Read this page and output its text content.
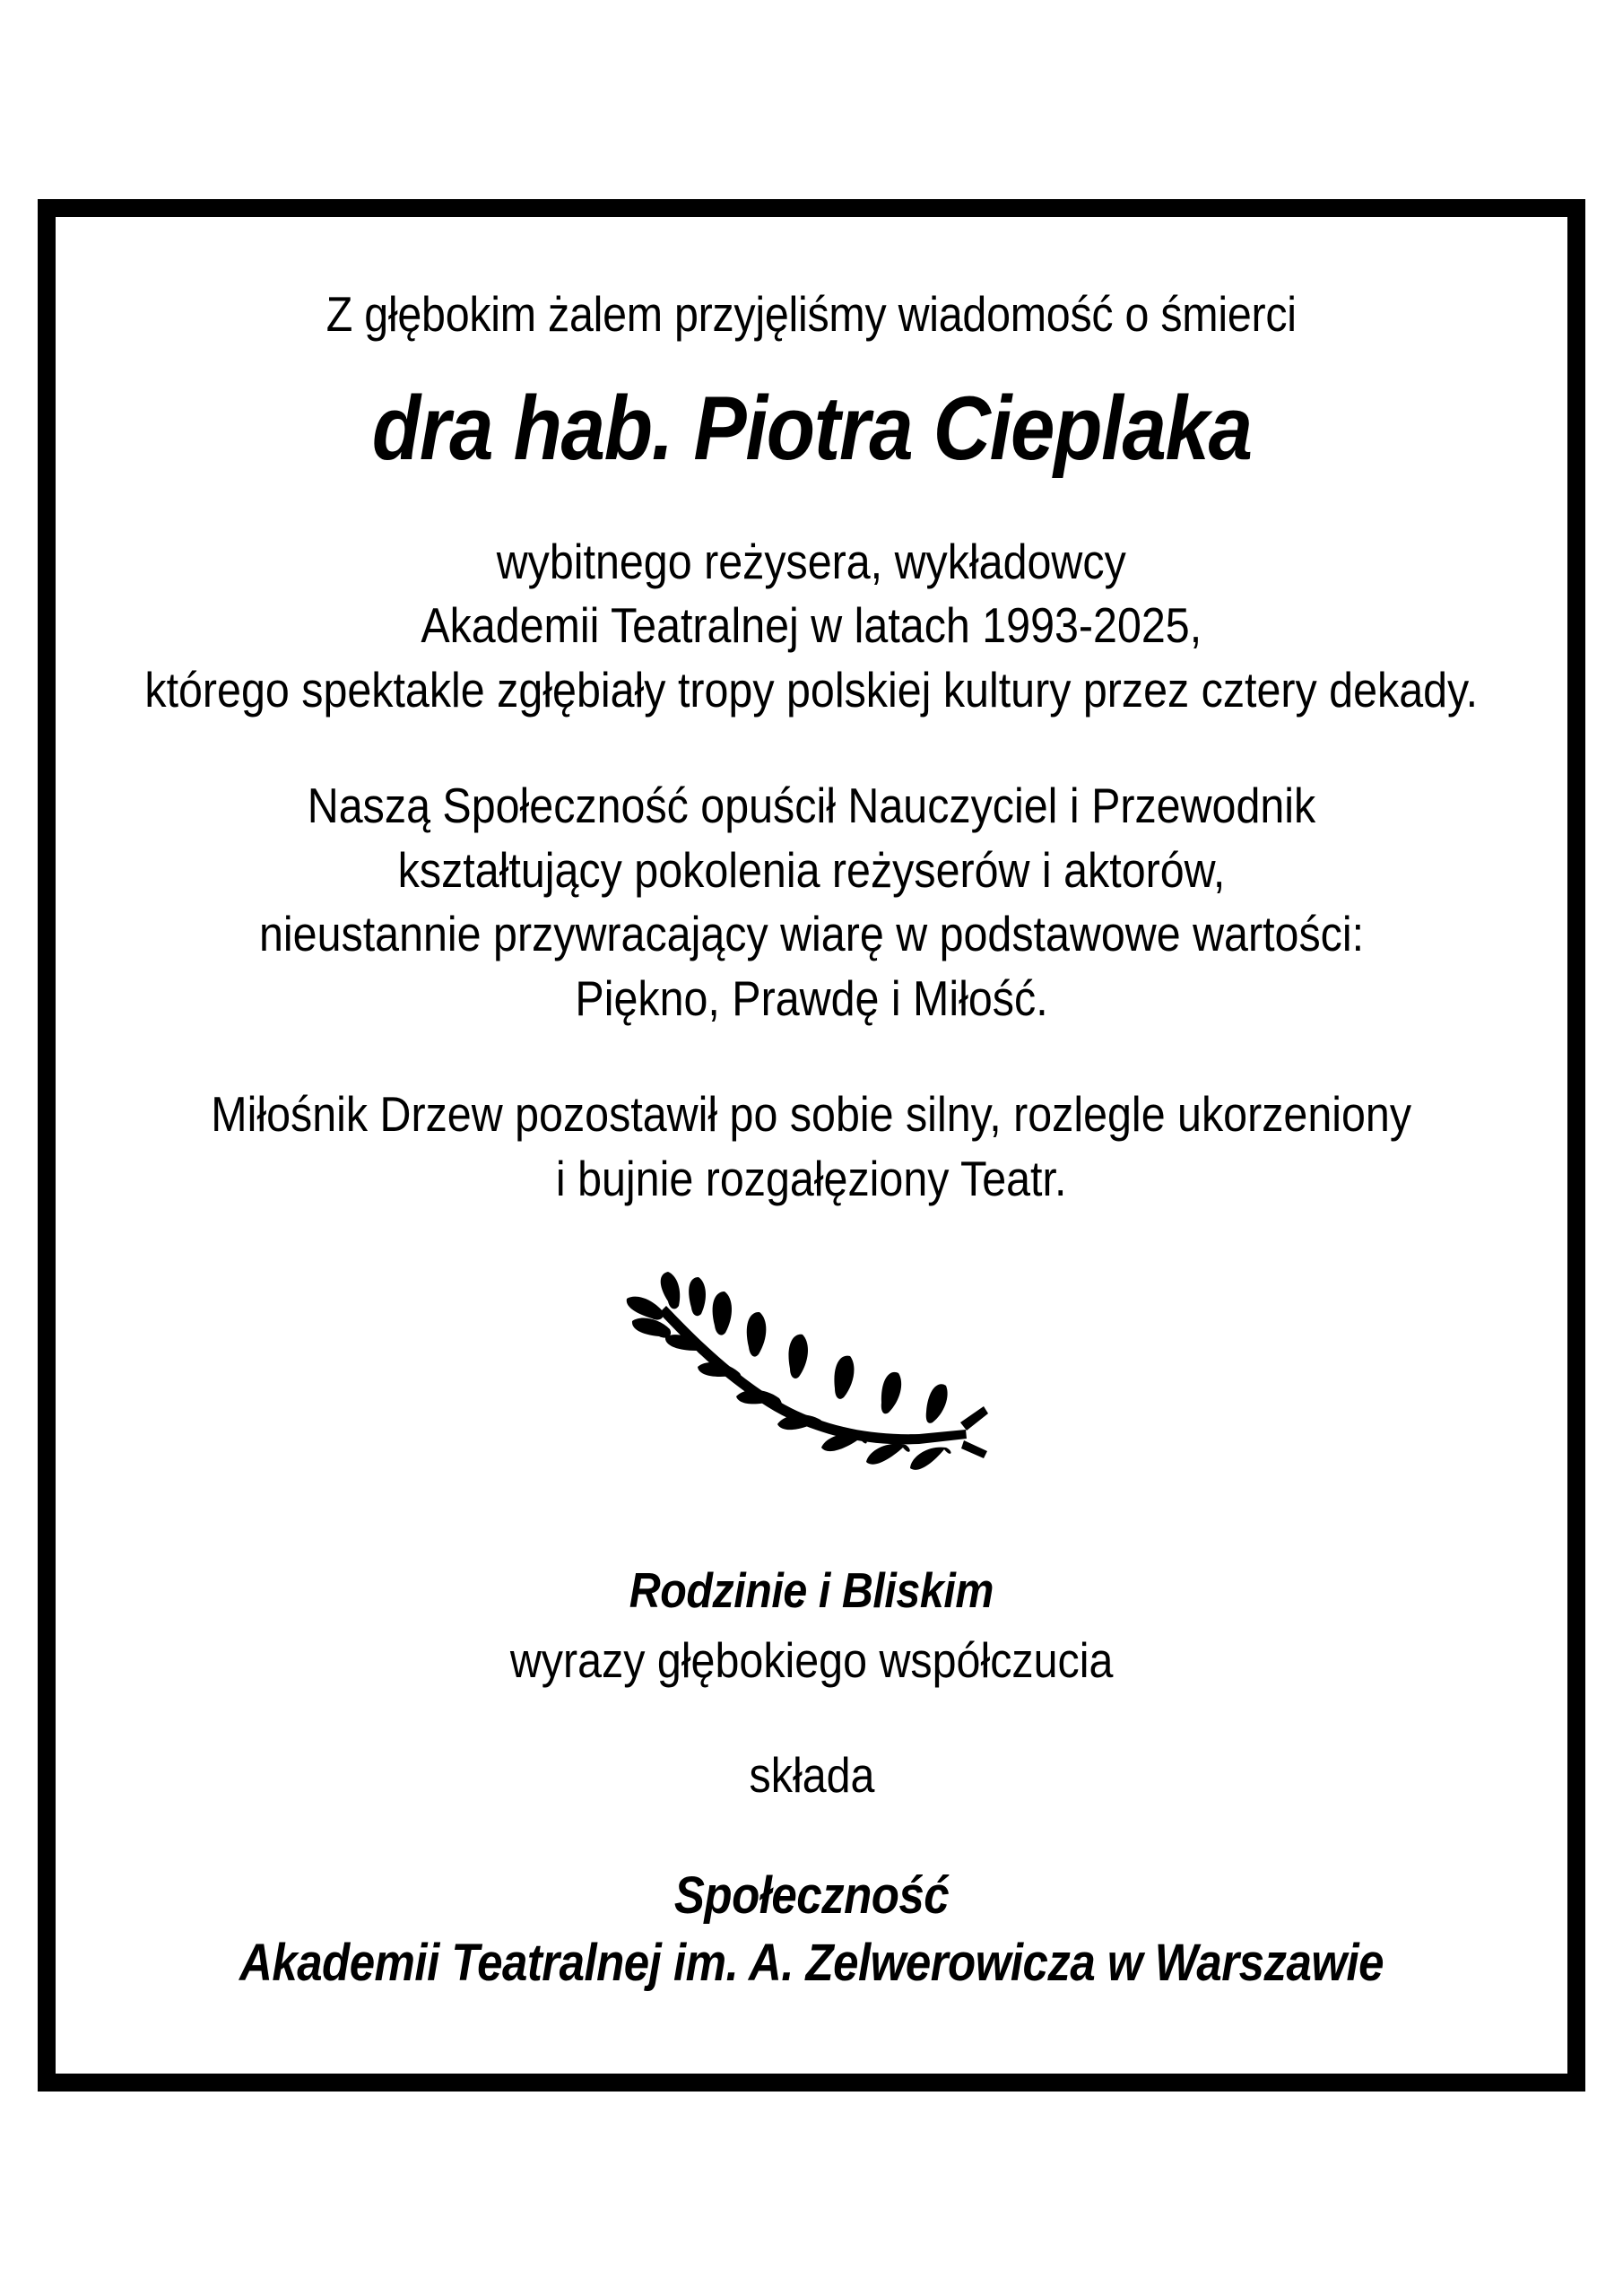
Z głębokim żalem przyjęliśmy wiadomość o śmierci
dra hab. Piotra Cieplaka
wybitnego reżysera, wykładowcy
Akademii Teatralnej w latach 1993-2025,
którego spektakle zgłębiały tropy polskiej kultury przez cztery dekady.
Naszą Społeczność opuścił Nauczyciel i Przewodnik
kształtujący pokolenia reżyserów i aktorów,
nieustannie przywracający wiarę w podstawowe wartości:
Piękno, Prawdę i Miłość.
Miłośnik Drzew pozostawił po sobie silny, rozlegle ukorzeniony
i bujnie rozgałęziony Teatr.
Rodzinie i Bliskim
wyrazy głębokiego współczucia
składa
Społeczność
Akademii Teatralnej im. A. Zelwerowicza w Warszawie
